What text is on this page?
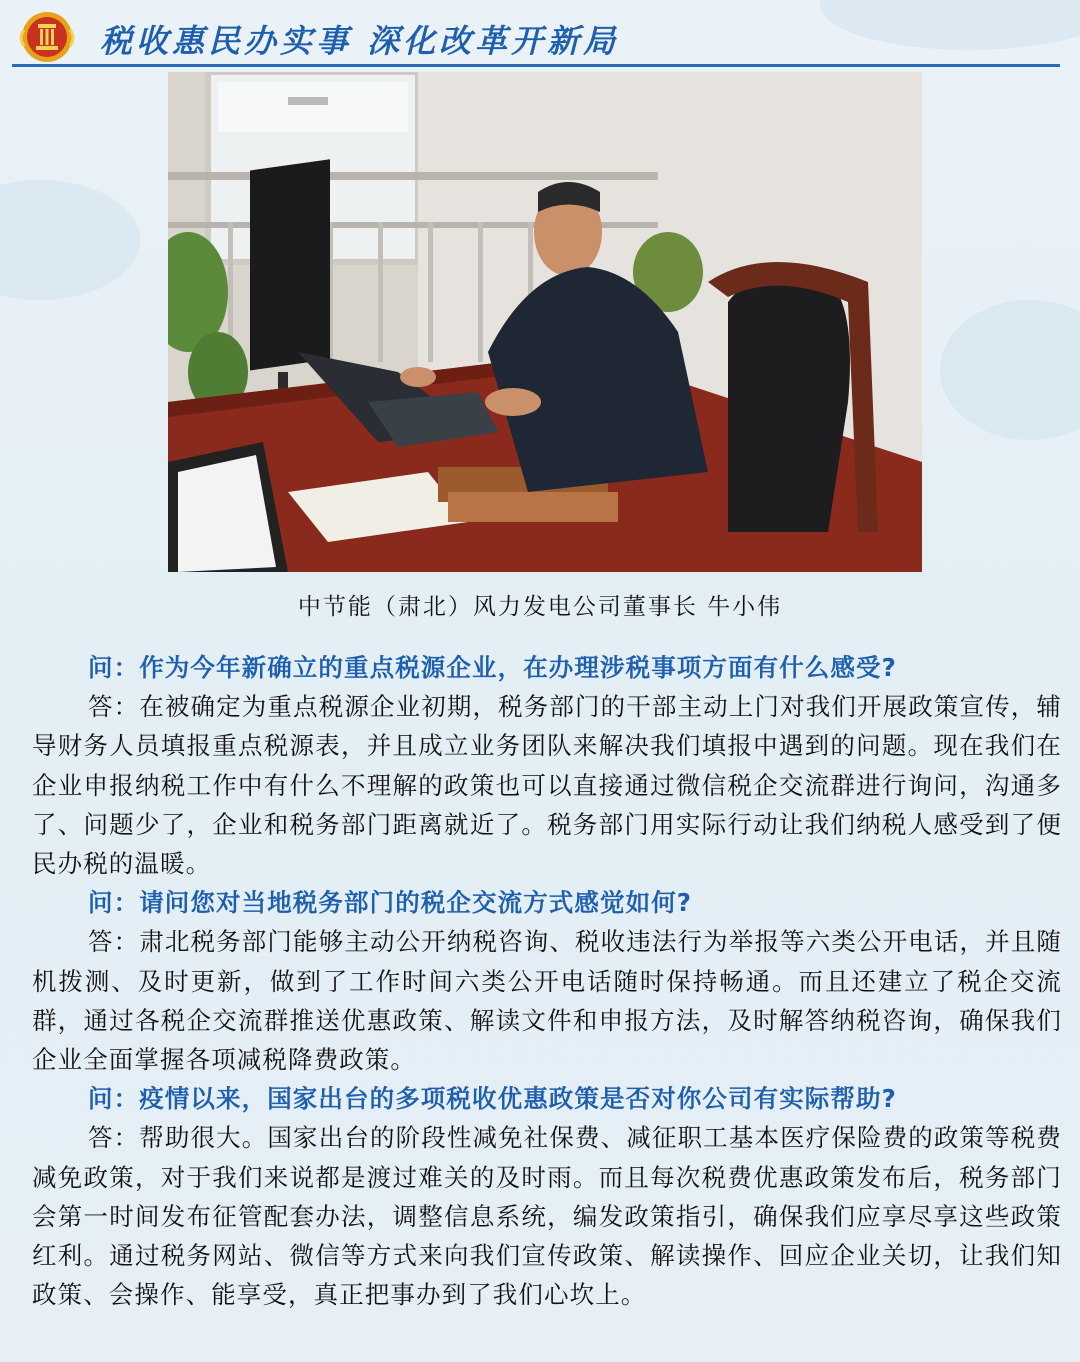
税收惠民办实事 深化改革开新局
中节能（肃北）风力发电公司董事长 牛小伟

问：作为今年新确立的重点税源企业，在办理涉税事项方面有什么感受?

答：在被确定为重点税源企业初期，税务部门的干部主动上门对我们开展政策宣传，辅导财务人员填报重点税源表，并且成立业务团队来解决我们填报中遇到的问题。现在我们在企业申报纳税工作中有什么不理解的政策也可以直接通过微信税企交流群进行询问，沟通多了、问题少了，企业和税务部门距离就近了。税务部门用实际行动让我们纳税人感受到了便民办税的温暖。

问：请问您对当地税务部门的税企交流方式感觉如何?

答：肃北税务部门能够主动公开纳税咨询、税收违法行为举报等六类公开电话，并且随机拨测、及时更新，做到了工作时间六类公开电话随时保持畅通。而且还建立了税企交流群，通过各税企交流群推送优惠政策、解读文件和申报方法，及时解答纳税咨询，确保我们企业全面掌握各项减税降费政策。

问：疫情以来，国家出台的多项税收优惠政策是否对你公司有实际帮助?

答：帮助很大。国家出台的阶段性减免社保费、减征职工基本医疗保险费的政策等税费减免政策，对于我们来说都是渡过难关的及时雨。而且每次税费优惠政策发布后，税务部门会第一时间发布征管配套办法，调整信息系统，编发政策指引，确保我们应享尽享这些政策红利。通过税务网站、微信等方式来向我们宣传政策、解读操作、回应企业关切，让我们知政策、会操作、能享受，真正把事办到了我们心坎上。
